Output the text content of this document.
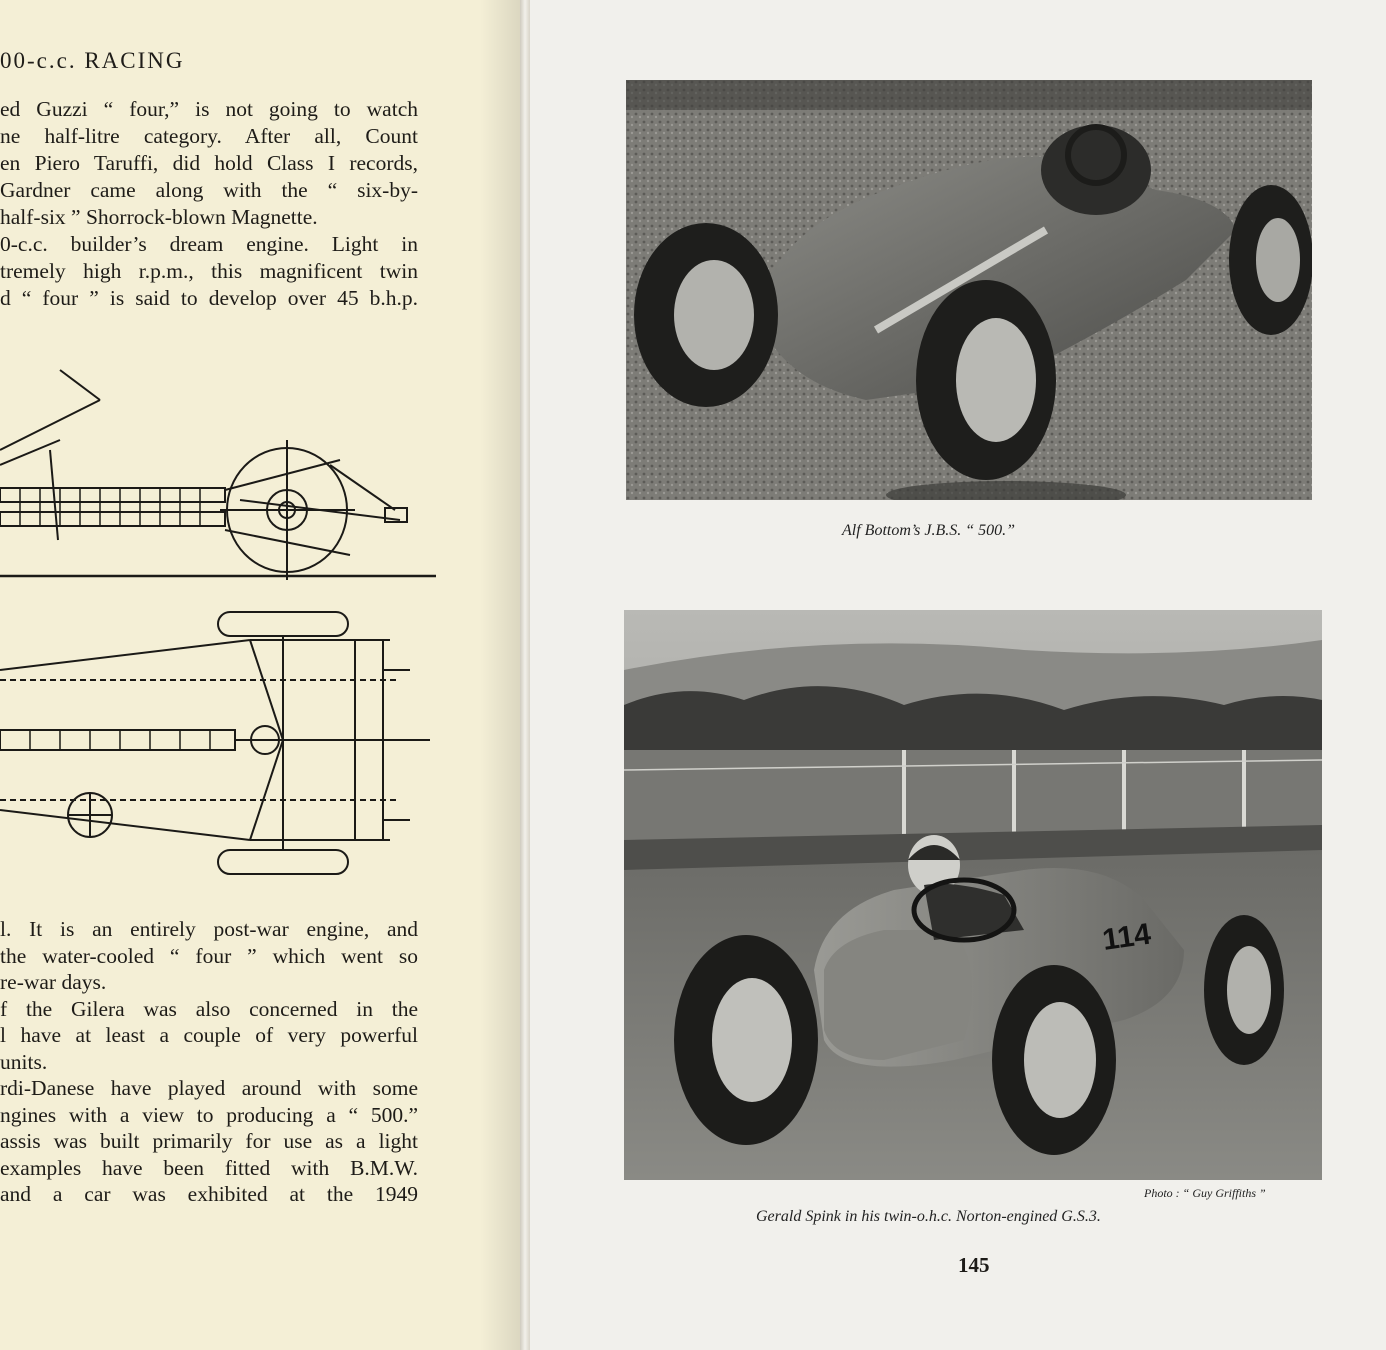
00-c.c. RACING
ed Guzzi “ four,” is not going to watch
ne half-litre category. After all, Count
en Piero Taruffi, did hold Class I records,
Gardner came along with the “ six-by-
half-six ” Shorrock-blown Magnette.
0-c.c. builder’s dream engine. Light in
tremely high r.p.m., this magnificent twin
d “ four ” is said to develop over 45 b.h.p.
l. It is an entirely post-war engine, and
the water-cooled “ four ” which went so
re-war days.
f the Gilera was also concerned in the
l have at least a couple of very powerful
units.
rdi-Danese have played around with some
ngines with a view to producing a “ 500.”
assis was built primarily for use as a light
examples have been fitted with B.M.W.
and a car was exhibited at the 1949
Alf Bottom’s J.B.S. “ 500.”
114
Photo : “ Guy Griffiths ”
Gerald Spink in his twin-o.h.c. Norton-engined G.S.3.
145
